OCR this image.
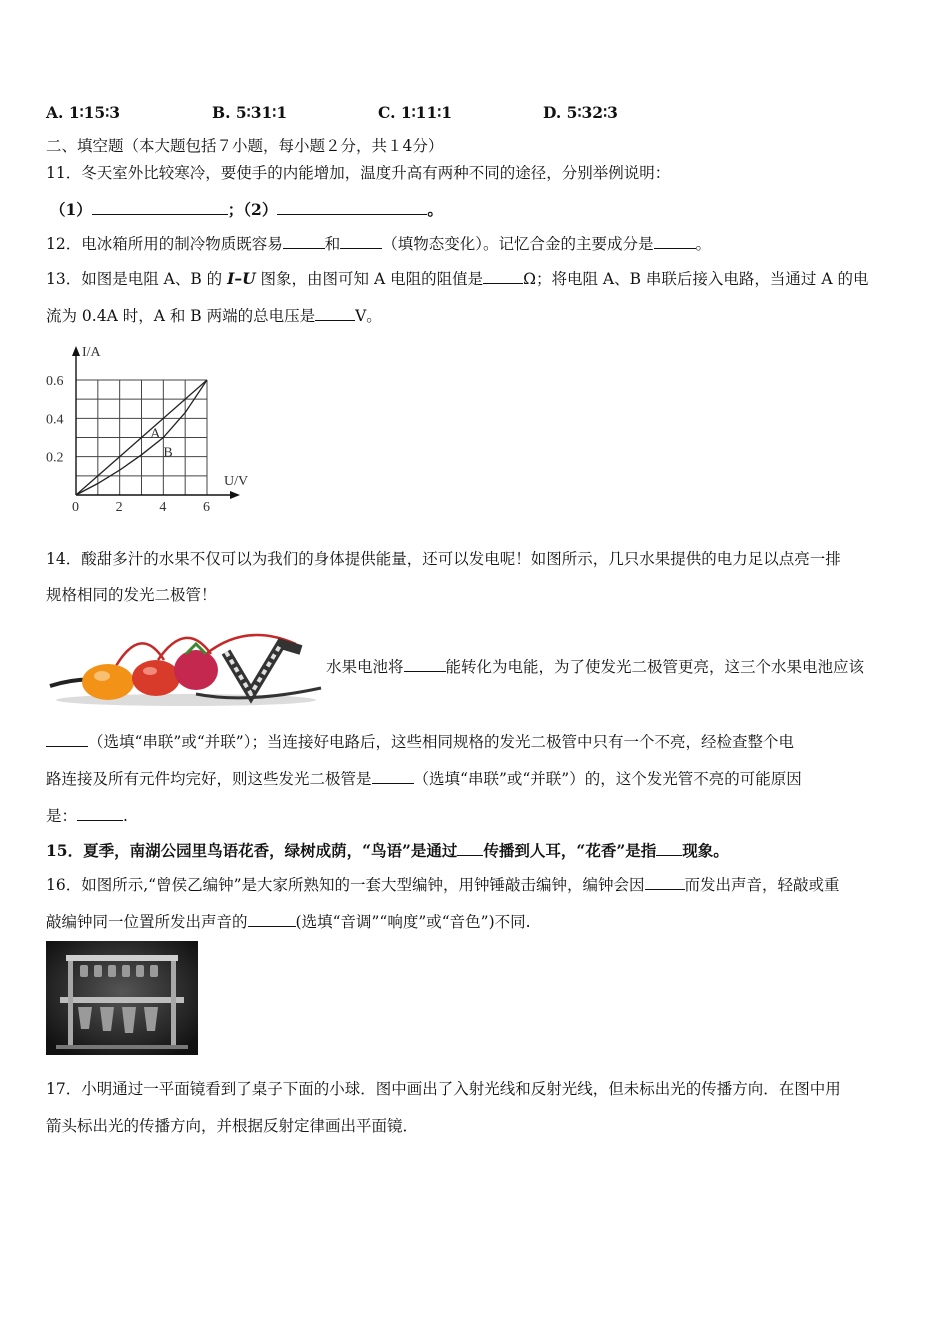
A. 1∶15∶3	B. 5∶31∶1	C. 1∶11∶1	D. 5∶32∶3
二、填空题（本大题包括７小题，每小题２分，共１4分）
11．冬天室外比较寒冷，要使手的内能增加，温度升高有两种不同的途径，分别举例说明：
（1）	；（2）	。
12．电冰箱所用的制冷物质既容易	和	（填物态变化）。记忆合金的主要成分是	。
13．如图是电阻 A、B 的 I–U 图象，由图可知 A 电阻的阻值是	Ω；将电阻 A、B 串联后接入电路，当通过 A 的电
流为 0.4A 时，A 和 B 两端的总电压是	V。
A
B
0	2	4	6
0.2
0.4
0.6
I/A
U/V
14．酸甜多汁的水果不仅可以为我们的身体提供能量，还可以发电呢！如图所示，几只水果提供的电力足以点亮一排
规格相同的发光二极管！
水果电池将	能转化为电能，为了使发光二极管更亮，这三个水果电池应该
（选填“串联”或“并联”）；当连接好电路后，这些相同规格的发光二极管中只有一个不亮，经检查整个电
路连接及所有元件均完好，则这些发光二极管是	（选填“串联”或“并联”）的，这个发光管不亮的可能原因
是：	.
15．夏季，南湖公园里鸟语花香，绿树成荫，“鸟语”是通过 传播到人耳，“花香”是指 现象。
16．如图所示,“曾侯乙编钟”是大家所熟知的一套大型编钟，用钟锤敲击编钟，编钟会因	而发出声音，轻敲或重
敲编钟同一位置所发出声音的	(选填“音调”“响度”或“音色”)不同.
17．小明通过一平面镜看到了桌子下面的小球．图中画出了入射光线和反射光线，但未标出光的传播方向．在图中用
箭头标出光的传播方向，并根据反射定律画出平面镜．
